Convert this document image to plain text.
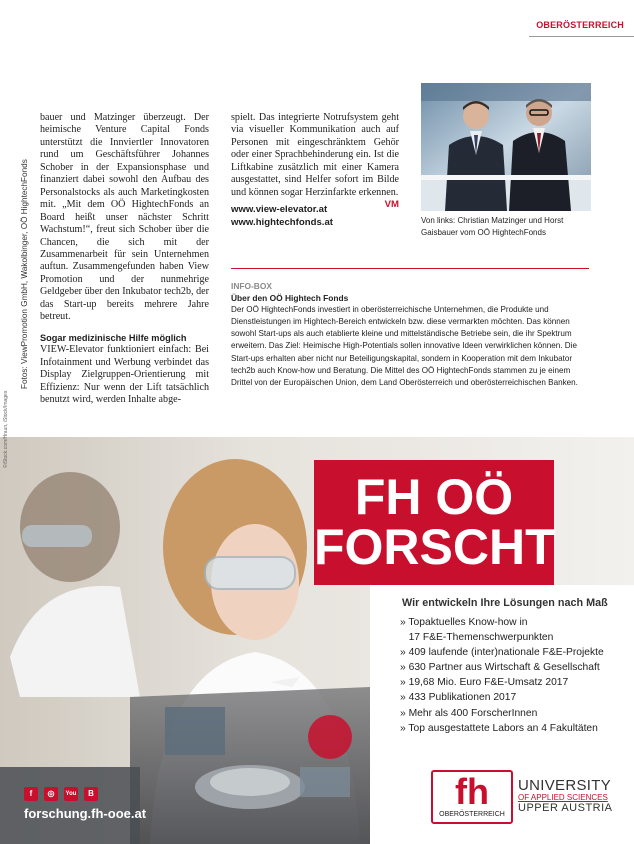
OBERÖSTERREICH
Fotos: ViewPromotion GmbH, Wakolbinger, OÖ HightechFonds

bauer und Matzinger überzeugt. Der heimische Venture Capital Fonds unterstützt die Innviertler Innovatoren rund um Geschäftsführer Johannes Schober in der Expansionsphase und finanziert dabei sowohl den Aufbau des Personalstocks als auch Marketingkosten mit. „Mit dem OÖ HightechFonds an Board heißt unser nächster Schritt Wachstum!“, freut sich Schober über die Chancen, die sich mit der Zusammenarbeit für sein Unternehmen auftun. Zusammengefunden haben View Promotion und der nunmehrige Geldgeber über den Inkubator tech2b, der das Start-up bereits mehrere Jahre betreut.

Sogar medizinische Hilfe möglich

VIEW-Elevator funktioniert einfach: Bei Infotainment und Werbung verbindet das Display Zielgruppen-Orientierung mit Effizienz: Nur wenn der Lift tatsächlich benutzt wird, werden Inhalte abge-

spielt. Das integrierte Notrufsystem geht via visueller Kommunikation auch auf Personen mit eingeschränktem Gehör oder einer Sprachbehinderung ein. Ist die Liftkabine zusätzlich mit einer Kamera ausgestattet, sind Helfer sofort im Bilde und können sogar Herzinfarkte erkennen.
VM

www.view-elevator.at
www.hightechfonds.at	Von links: Christian Matzinger und Horst Gaisbauer vom OÖ HightechFonds
INFO-BOX
Über den OÖ Hightech Fonds
Der OÖ HightechFonds investiert in oberösterreichische Unternehmen, die Produkte und Dienstleistungen im Hightech-Bereich entwickeln bzw. diese vermarkten möchten. Das können sowohl Start-ups als auch etablierte kleine und mittelständische Betriebe sein, die ihr Spektrum erweitern. Das Ziel: Heimische High-Potentials sollen innovative Ideen verwirklichen können. Die Start-ups erhalten aber nicht nur Beteiligungskapital, sondern in Kooperation mit dem Inkubator tech2b auch Know-how und Beratung. Die Mittel des OÖ HightechFonds stammen zu je einem Drittel von der Europäischen Union, dem Land Oberösterreich und oberösterreichischen Banken.
©iStock.com/Hraun, iStock/Images
FH OÖ
FORSCHT
Wir entwickeln Ihre Lösungen nach Maß
» Topaktuelles Know-how in
17 F&E-Themenschwerpunkten
» 409 laufende (inter)nationale F&E-Projekte
» 630 Partner aus Wirtschaft & Gesellschaft
» 19,68 Mio. Euro F&E-Umsatz 2017
» 433 Publikationen 2017
» Mehr als 400 ForscherInnen
» Top ausgestattete Labors an 4 Fakultäten
f	◎	You	B
forschung.fh-ooe.at
fh
OBERÖSTERREICH
UNIVERSITY
OF APPLIED SCIENCES
UPPER AUSTRIA
